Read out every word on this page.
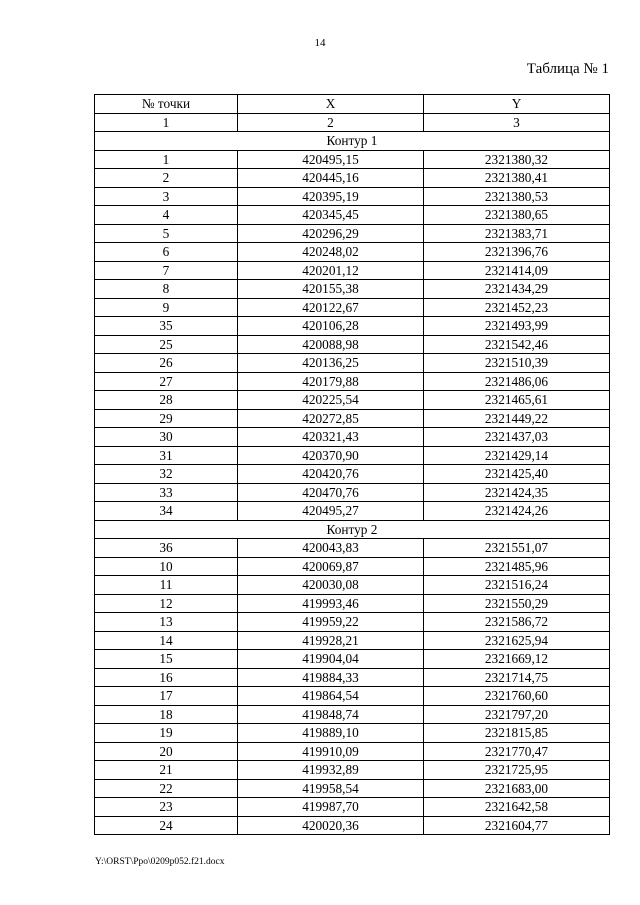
14
Таблица № 1
№ точки	X	Y
1	2	3
Контур 1		
1	420495,15	2321380,32
2	420445,16	2321380,41
3	420395,19	2321380,53
4	420345,45	2321380,65
5	420296,29	2321383,71
6	420248,02	2321396,76
7	420201,12	2321414,09
8	420155,38	2321434,29
9	420122,67	2321452,23
35	420106,28	2321493,99
25	420088,98	2321542,46
26	420136,25	2321510,39
27	420179,88	2321486,06
28	420225,54	2321465,61
29	420272,85	2321449,22
30	420321,43	2321437,03
31	420370,90	2321429,14
32	420420,76	2321425,40
33	420470,76	2321424,35
34	420495,27	2321424,26
Контур 2		
36	420043,83	2321551,07
10	420069,87	2321485,96
11	420030,08	2321516,24
12	419993,46	2321550,29
13	419959,22	2321586,72
14	419928,21	2321625,94
15	419904,04	2321669,12
16	419884,33	2321714,75
17	419864,54	2321760,60
18	419848,74	2321797,20
19	419889,10	2321815,85
20	419910,09	2321770,47
21	419932,89	2321725,95
22	419958,54	2321683,00
23	419987,70	2321642,58
24	420020,36	2321604,77
Y:\ORST\Ppo\0209p052.f21.docx
